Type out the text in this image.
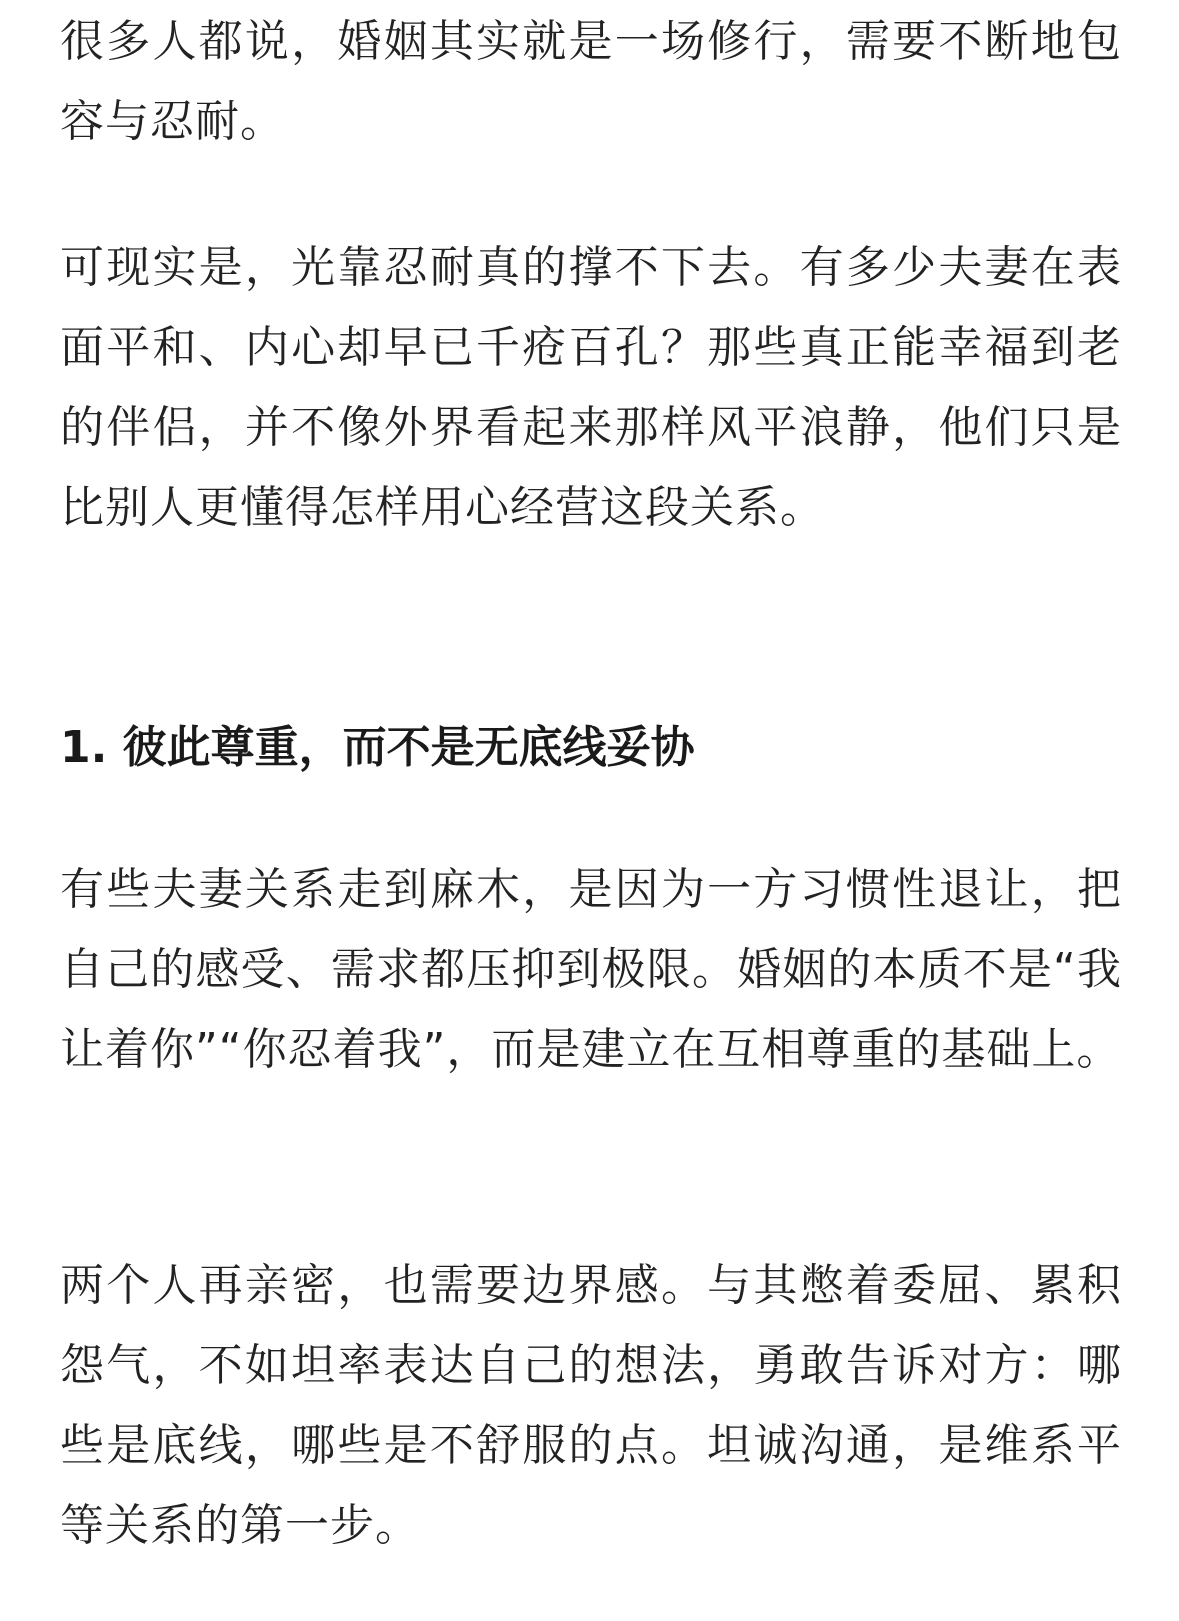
很多人都说，婚姻其实就是一场修行，需要不断地包容与忍耐。

可现实是，光靠忍耐真的撑不下去。有多少夫妻在表面平和、内心却早已千疮百孔？那些真正能幸福到老的伴侣，并不像外界看起来那样风平浪静，他们只是比别人更懂得怎样用心经营这段关系。

1. 彼此尊重，而不是无底线妥协

有些夫妻关系走到麻木，是因为一方习惯性退让，把自己的感受、需求都压抑到极限。婚姻的本质不是“我让着你”“你忍着我”，而是建立在互相尊重的基础上。

两个人再亲密，也需要边界感。与其憋着委屈、累积怨气，不如坦率表达自己的想法，勇敢告诉对方：哪些是底线，哪些是不舒服的点。坦诚沟通，是维系平等关系的第一步。
